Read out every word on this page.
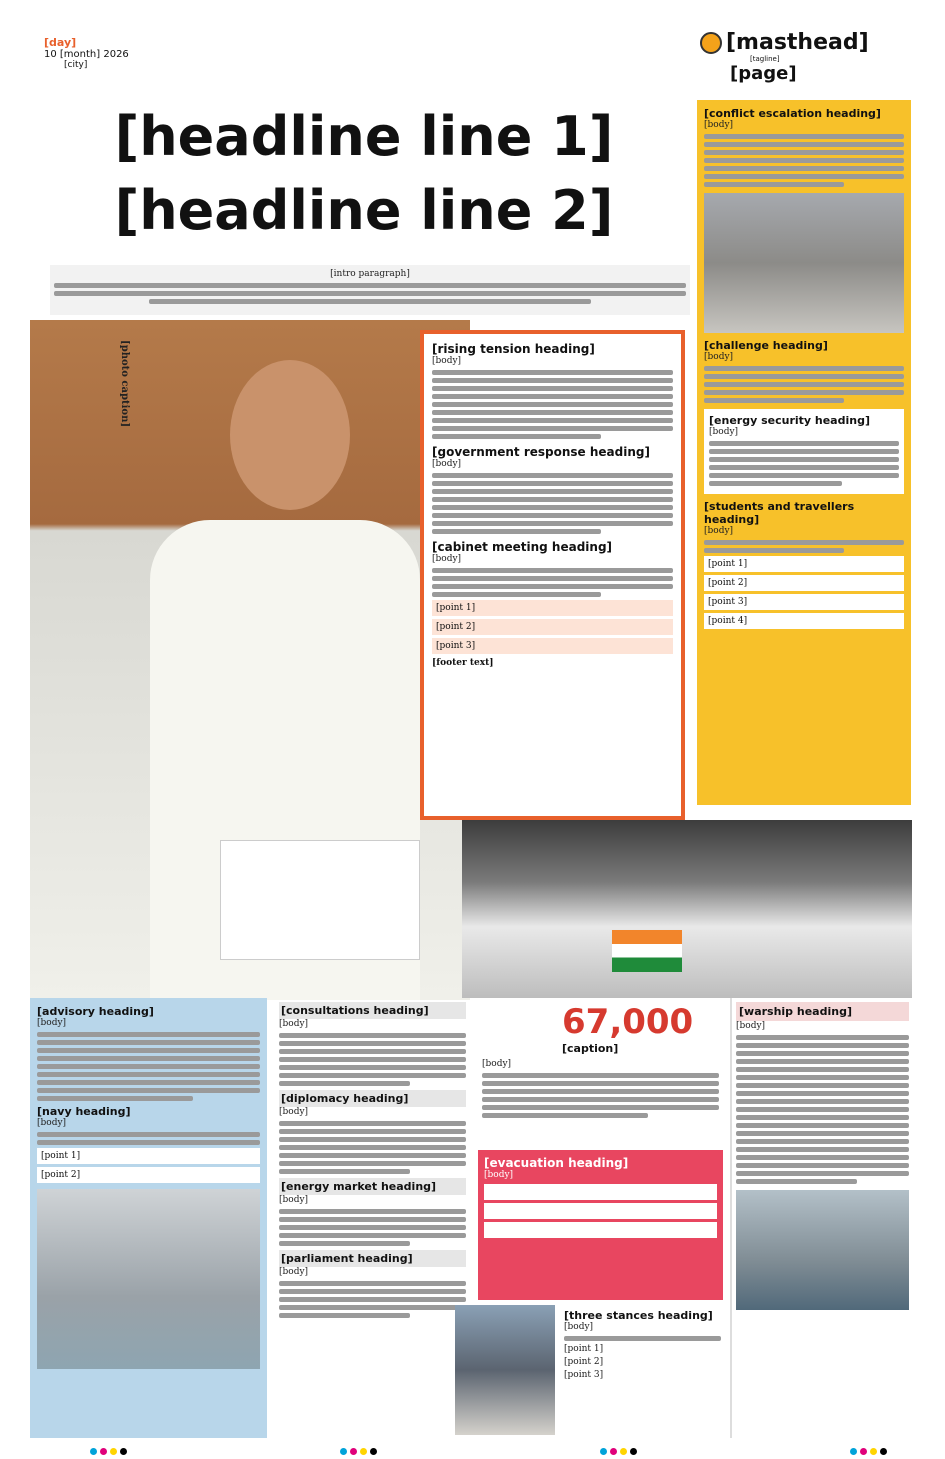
[day]
10 [month] 2026
[city]
[masthead]
[tagline]
[page]
[headline line 1]
[headline line 2]
[intro paragraph]
[photo caption]	[rising tension heading]
[body]
[government response heading]
[body]
[cabinet meeting heading]
[body]
[point 1]
[point 2]
[point 3]
[footer text]
[conflict escalation heading]
[body]
[challenge heading]
[body]
[energy security heading]
[body]
[students and travellers heading]
[body]
[point 1]
[point 2]
[point 3]
[point 4]
[advisory heading]
[body]
[navy heading]
[body]
[point 1]
[point 2]
[consultations heading]
[body]
[diplomacy heading]
[body]
[energy market heading]
[body]
[parliament heading]
[body]
67,000
[caption]
[body]
[evacuation heading]
[body]
[point 1]
[point 2]
[point 3]
[three stances heading]
[body]
[point 1]
[point 2]
[point 3]
[warship heading]
[body]
